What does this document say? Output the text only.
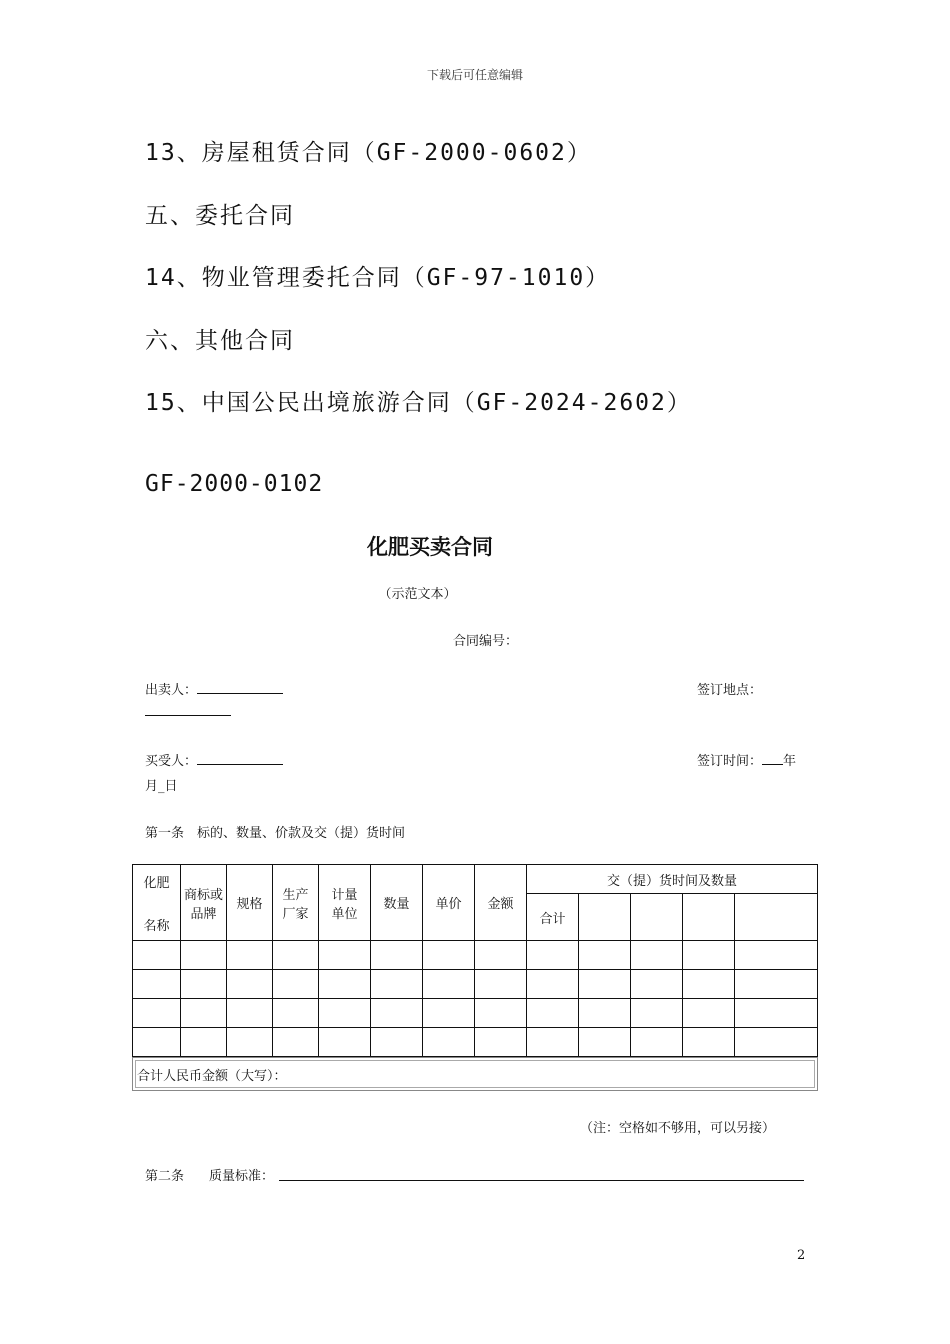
下载后可任意编辑
13、房屋租赁合同（GF-2000-0602）
五、委托合同
14、物业管理委托合同（GF-97-1010）
六、其他合同
15、中国公民出境旅游合同（GF-2024-2602）
GF-2000-0102
化肥买卖合同
（示范文本）
合同编号：
出卖人：	签订地点：
买受人：	签订时间： 年
月_日
第一条　标的、数量、价款及交（提）货时间
化肥
名称	商标或品牌	规格	生产厂家	计量单位	数量	单价	金额	交（提）货时间及数量				
								合计				

合计人民币金额（大写）：
（注：空格如不够用，可以另接）
第二条 质量标准：
2
